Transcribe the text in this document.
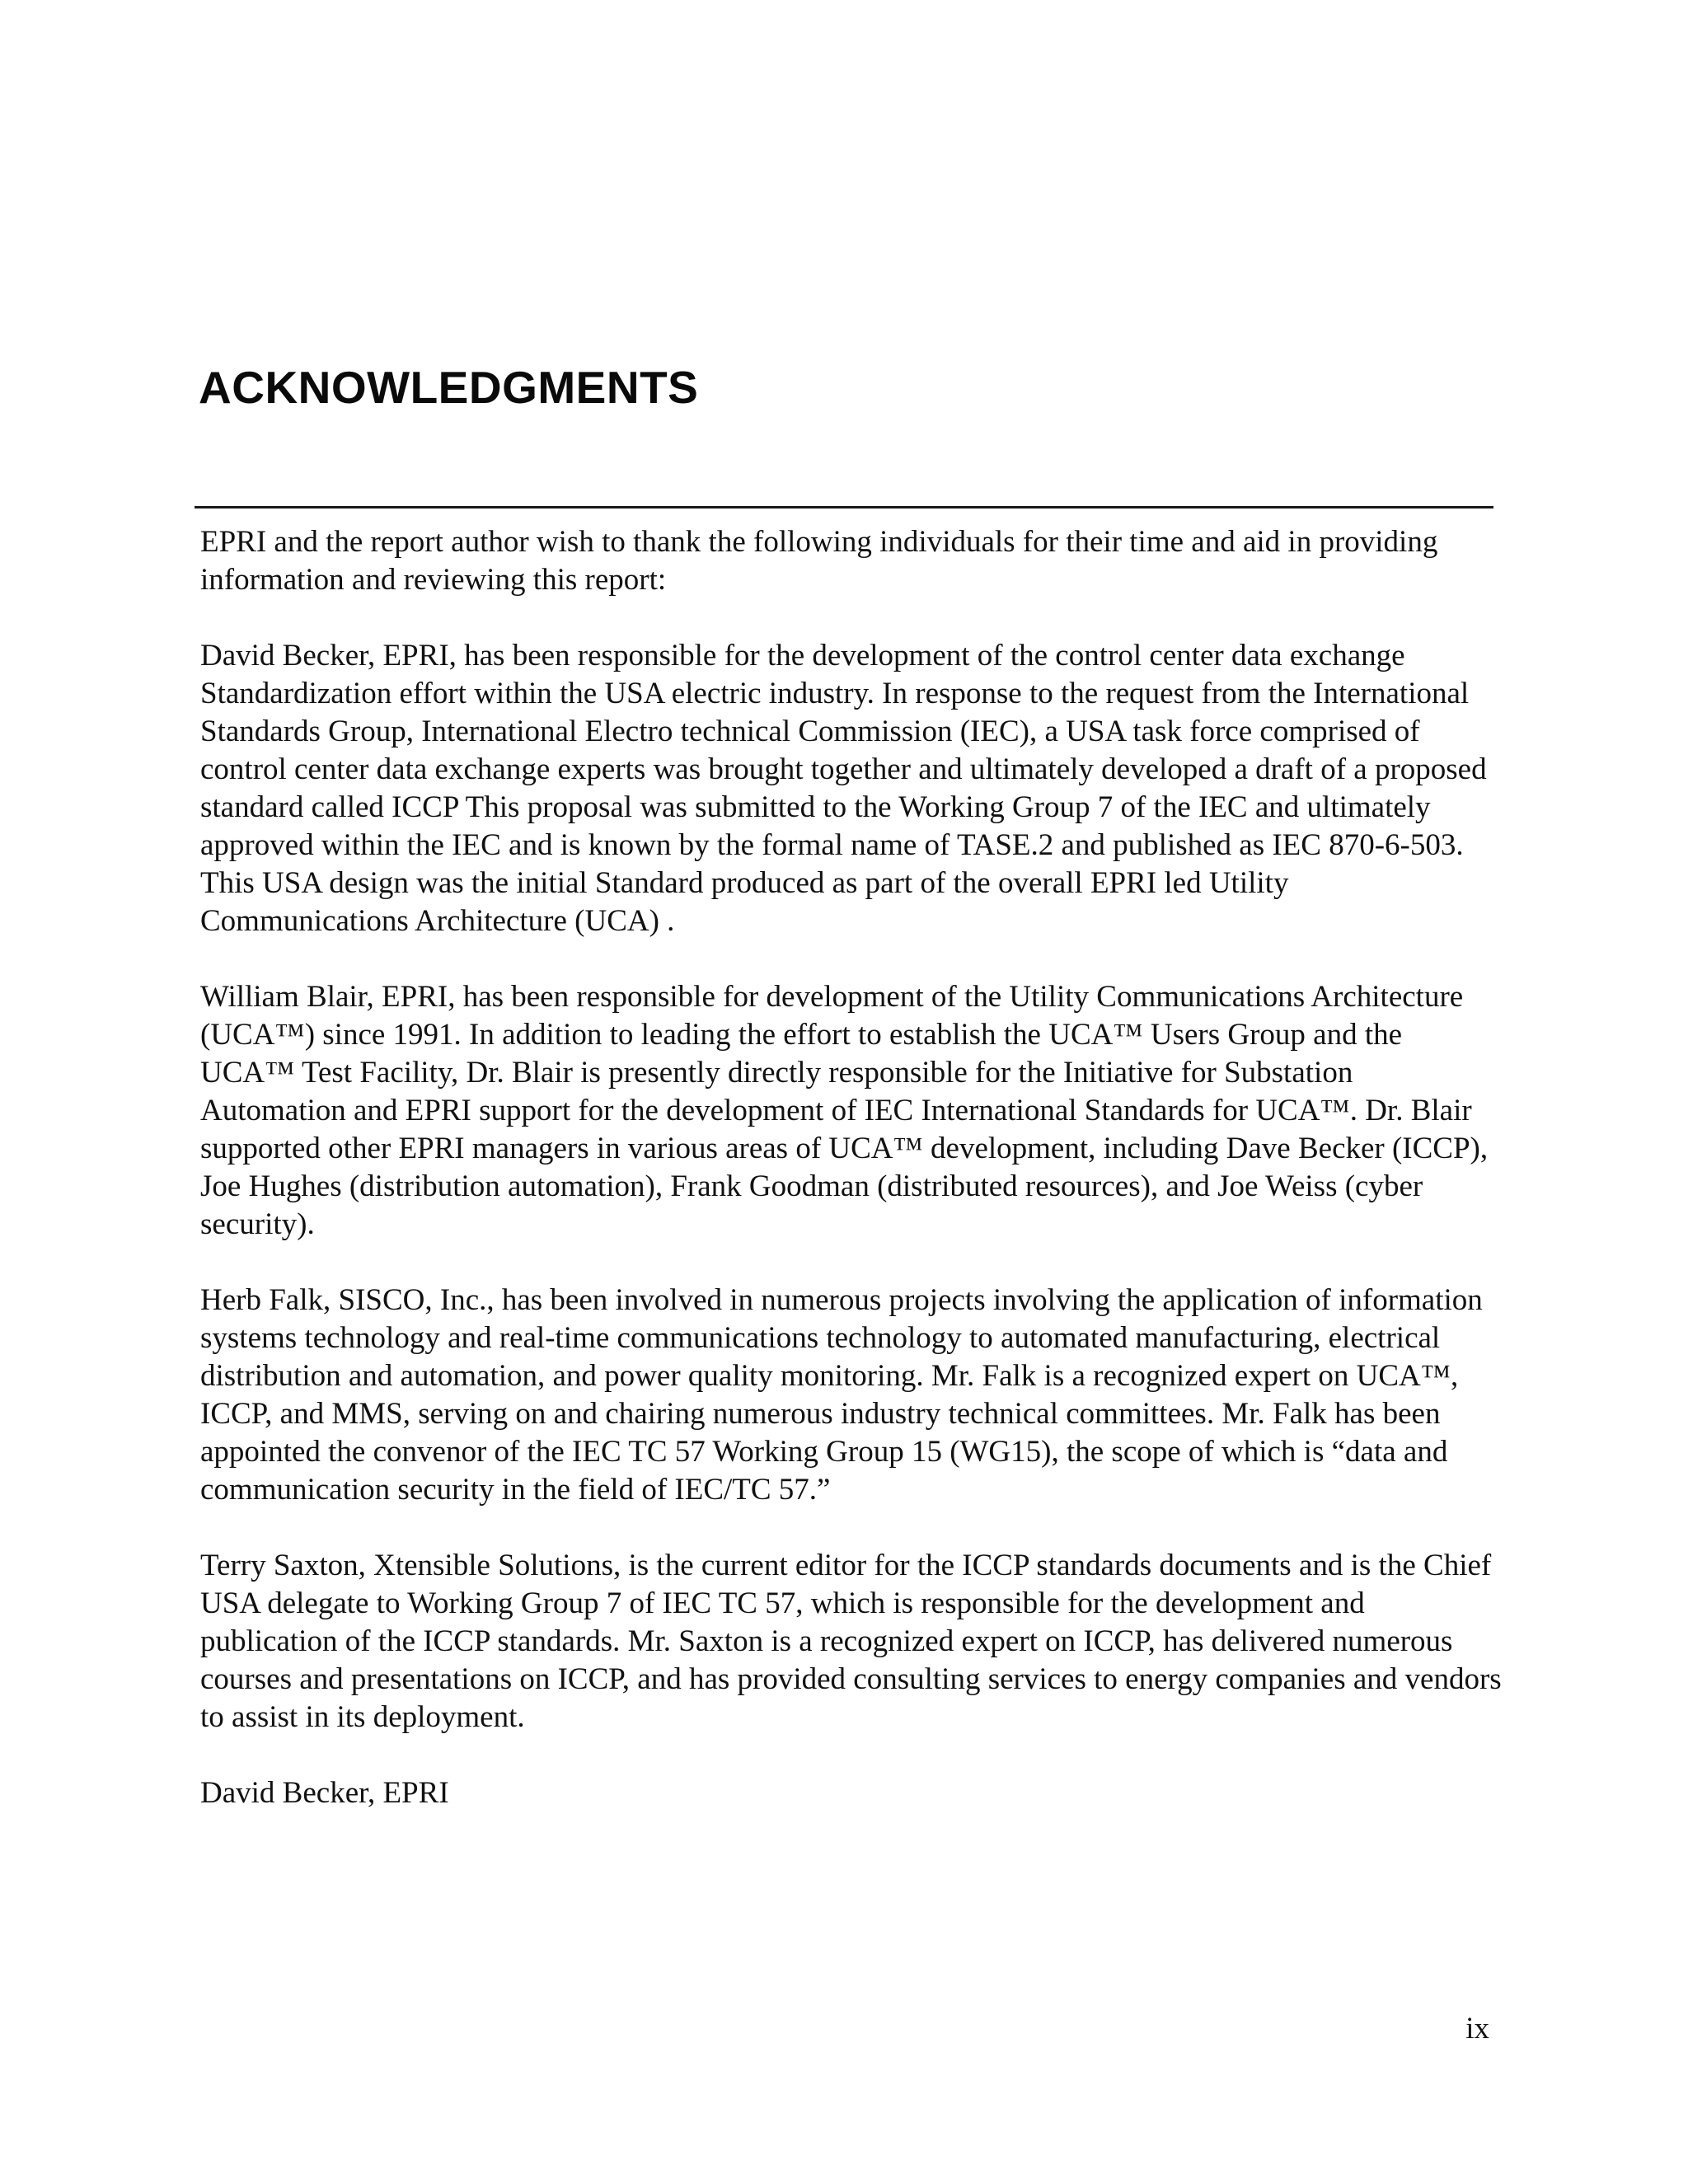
ACKNOWLEDGMENTS

EPRI and the report author wish to thank the following individuals for their time and aid in providing information and reviewing this report:

David Becker, EPRI, has been responsible for the development of the control center data exchange Standardization effort within the USA electric industry. In response to the request from the International Standards Group, International Electro technical Commission (IEC), a USA task force comprised of control center data exchange experts was brought together and ultimately developed a draft of a proposed standard called ICCP This proposal was submitted to the Working Group 7 of the IEC and ultimately approved within the IEC and is known by the formal name of TASE.2 and published as IEC 870-6-503. This USA design was the initial Standard produced as part of the overall EPRI led Utility Communications Architecture (UCA) .

William Blair, EPRI, has been responsible for development of the Utility Communications Architecture (UCA™) since 1991. In addition to leading the effort to establish the UCA™ Users Group and the UCA™ Test Facility, Dr. Blair is presently directly responsible for the Initiative for Substation Automation and EPRI support for the development of IEC International Standards for UCA™. Dr. Blair supported other EPRI managers in various areas of UCA™ development, including Dave Becker (ICCP), Joe Hughes (distribution automation), Frank Goodman (distributed resources), and Joe Weiss (cyber security).

Herb Falk, SISCO, Inc., has been involved in numerous projects involving the application of information systems technology and real-time communications technology to automated manufacturing, electrical distribution and automation, and power quality monitoring. Mr. Falk is a recognized expert on UCA™, ICCP, and MMS, serving on and chairing numerous industry technical committees. Mr. Falk has been appointed the convenor of the IEC TC 57 Working Group 15 (WG15), the scope of which is “data and communication security in the field of IEC/TC 57.”

Terry Saxton, Xtensible Solutions, is the current editor for the ICCP standards documents and is the Chief USA delegate to Working Group 7 of IEC TC 57, which is responsible for the development and publication of the ICCP standards. Mr. Saxton is a recognized expert on ICCP, has delivered numerous courses and presentations on ICCP, and has provided consulting services to energy companies and vendors to assist in its deployment.

David Becker, EPRI

ix
